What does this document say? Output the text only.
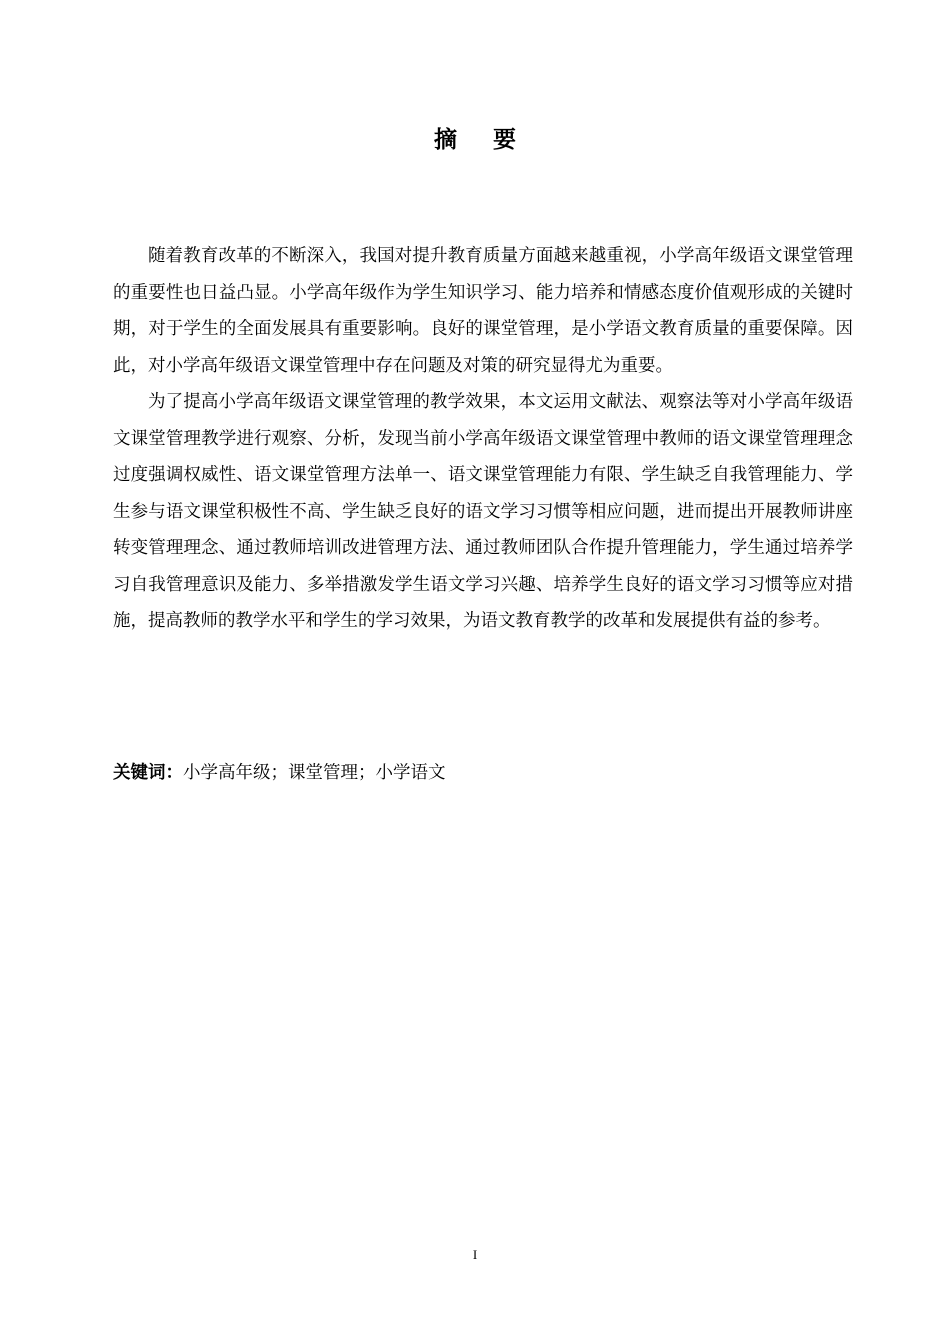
摘 要

随着教育改革的不断深入，我国对提升教育质量方面越来越重视，小学高年级语文课堂管理的重要性也日益凸显。小学高年级作为学生知识学习、能力培养和情感态度价值观形成的关键时期，对于学生的全面发展具有重要影响。良好的课堂管理，是小学语文教育质量的重要保障。因此，对小学高年级语文课堂管理中存在问题及对策的研究显得尤为重要。

为了提高小学高年级语文课堂管理的教学效果，本文运用文献法、观察法等对小学高年级语文课堂管理教学进行观察、分析，发现当前小学高年级语文课堂管理中教师的语文课堂管理理念过度强调权威性、语文课堂管理方法单一、语文课堂管理能力有限、学生缺乏自我管理能力、学生参与语文课堂积极性不高、学生缺乏良好的语文学习习惯等相应问题，进而提出开展教师讲座转变管理理念、通过教师培训改进管理方法、通过教师团队合作提升管理能力，学生通过培养学习自我管理意识及能力、多举措激发学生语文学习兴趣、培养学生良好的语文学习习惯等应对措施，提高教师的教学水平和学生的学习效果，为语文教育教学的改革和发展提供有益的参考。

关键词：小学高年级；课堂管理；小学语文
I
